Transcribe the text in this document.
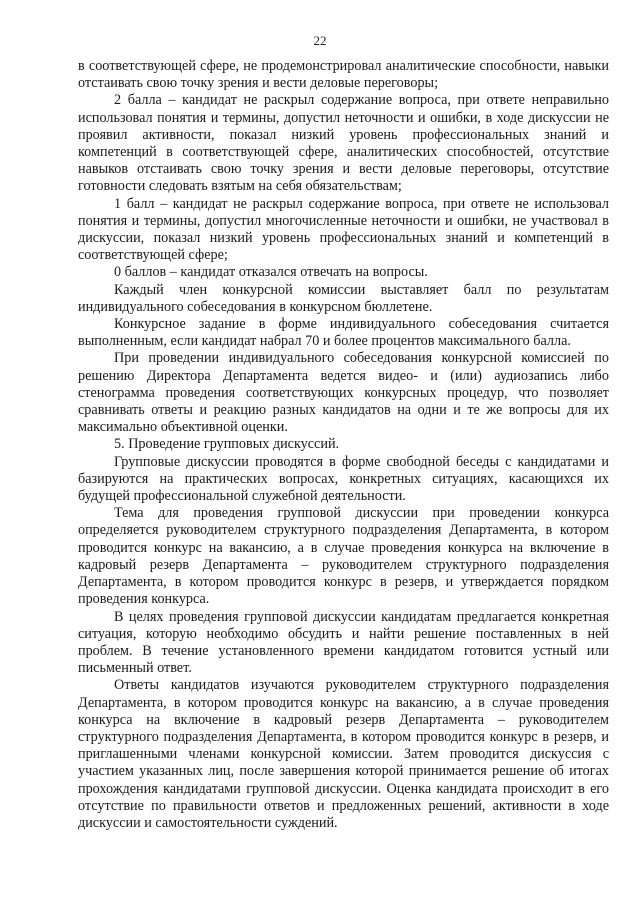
22

в соответствующей сфере, не продемонстрировал аналитические способности, навыки отстаивать свою точку зрения и вести деловые переговоры;

2 балла – кандидат не раскрыл содержание вопроса, при ответе неправильно использовал понятия и термины, допустил неточности и ошибки, в ходе дискуссии не проявил активности, показал низкий уровень профессиональных знаний и компетенций в соответствующей сфере, аналитических способностей, отсутствие навыков отстаивать свою точку зрения и вести деловые переговоры, отсутствие готовности следовать взятым на себя обязательствам;

1 балл – кандидат не раскрыл содержание вопроса, при ответе не использовал понятия и термины, допустил многочисленные неточности и ошибки, не участвовал в дискуссии, показал низкий уровень профессиональных знаний и компетенций в соответствующей сфере;

0 баллов – кандидат отказался отвечать на вопросы.

Каждый член конкурсной комиссии выставляет балл по результатам индивидуального собеседования в конкурсном бюллетене.

Конкурсное задание в форме индивидуального собеседования считается выполненным, если кандидат набрал 70 и более процентов максимального балла.

При проведении индивидуального собеседования конкурсной комиссией по решению Директора Департамента ведется видео- и (или) аудиозапись либо стенограмма проведения соответствующих конкурсных процедур, что позволяет сравнивать ответы и реакцию разных кандидатов на одни и те же вопросы для их максимально объективной оценки.

5. Проведение групповых дискуссий.

Групповые дискуссии проводятся в форме свободной беседы с кандидатами и базируются на практических вопросах, конкретных ситуациях, касающихся их будущей профессиональной служебной деятельности.

Тема для проведения групповой дискуссии при проведении конкурса определяется руководителем структурного подразделения Департамента, в котором проводится конкурс на вакансию, а в случае проведения конкурса на включение в кадровый резерв Департамента – руководителем структурного подразделения Департамента, в котором проводится конкурс в резерв, и утверждается порядком проведения конкурса.

В целях проведения групповой дискуссии кандидатам предлагается конкретная ситуация, которую необходимо обсудить и найти решение поставленных в ней проблем. В течение установленного времени кандидатом готовится устный или письменный ответ.

Ответы кандидатов изучаются руководителем структурного подразделения Департамента, в котором проводится конкурс на вакансию, а в случае проведения конкурса на включение в кадровый резерв Департамента – руководителем структурного подразделения Департамента, в котором проводится конкурс в резерв, и приглашенными членами конкурсной комиссии. Затем проводится дискуссия с участием указанных лиц, после завершения которой принимается решение об итогах прохождения кандидатами групповой дискуссии. Оценка кандидата происходит в его отсутствие по правильности ответов и предложенных решений, активности в ходе дискуссии и самостоятельности суждений.
